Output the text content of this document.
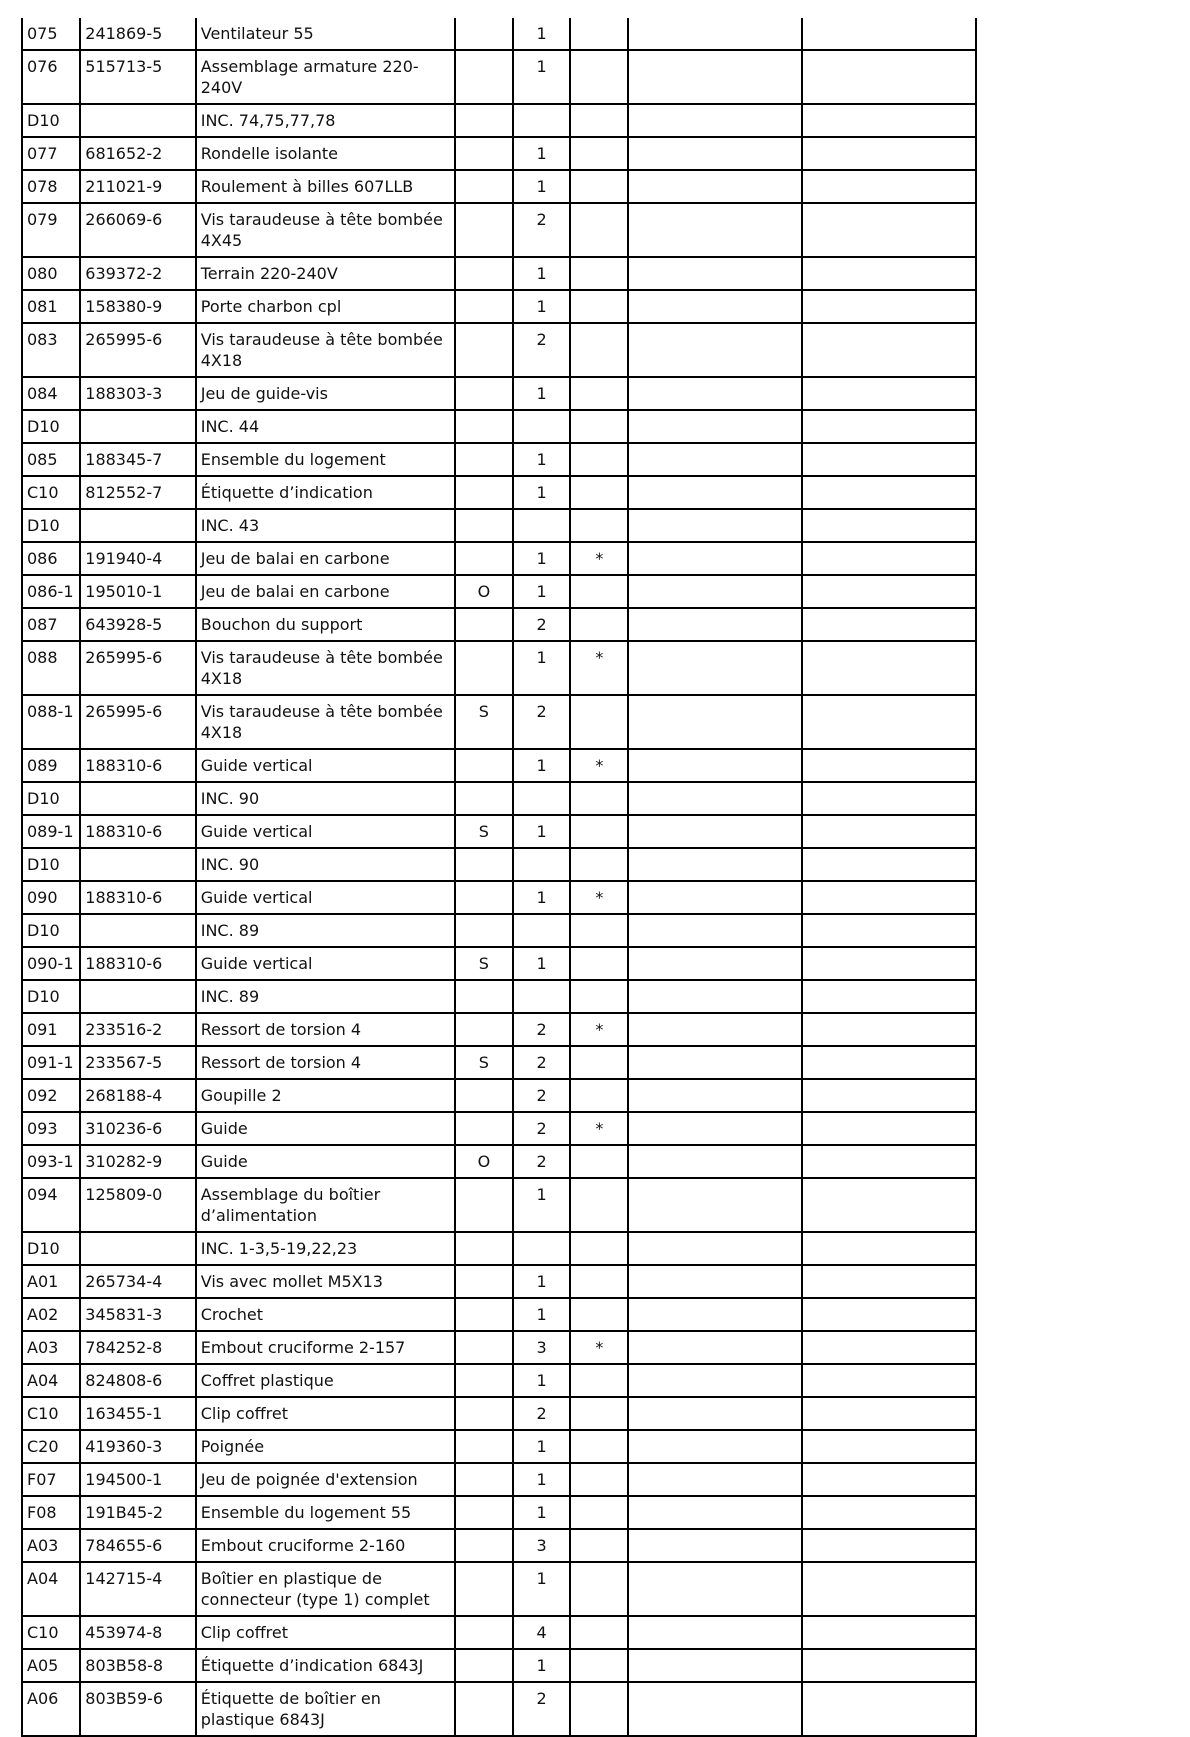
075	241869-5	Ventilateur 55		1			
076	515713-5	Assemblage armature 220-240V		1			
D10		INC. 74,75,77,78					
077	681652-2	Rondelle isolante		1			
078	211021-9	Roulement à billes 607LLB		1			
079	266069-6	Vis taraudeuse à tête bombée 4X45		2			
080	639372-2	Terrain 220-240V		1			
081	158380-9	Porte charbon cpl		1			
083	265995-6	Vis taraudeuse à tête bombée 4X18		2			
084	188303-3	Jeu de guide-vis		1			
D10		INC. 44					
085	188345-7	Ensemble du logement		1			
C10	812552-7	Étiquette d’indication		1			
D10		INC. 43					
086	191940-4	Jeu de balai en carbone		1	*		
086-1	195010-1	Jeu de balai en carbone	O	1			
087	643928-5	Bouchon du support		2			
088	265995-6	Vis taraudeuse à tête bombée 4X18		1	*		
088-1	265995-6	Vis taraudeuse à tête bombée 4X18	S	2			
089	188310-6	Guide vertical		1	*		
D10		INC. 90					
089-1	188310-6	Guide vertical	S	1			
D10		INC. 90					
090	188310-6	Guide vertical		1	*		
D10		INC. 89					
090-1	188310-6	Guide vertical	S	1			
D10		INC. 89					
091	233516-2	Ressort de torsion 4		2	*		
091-1	233567-5	Ressort de torsion 4	S	2			
092	268188-4	Goupille 2		2			
093	310236-6	Guide		2	*		
093-1	310282-9	Guide	O	2			
094	125809-0	Assemblage du boîtier d’alimentation		1			
D10		INC. 1-3,5-19,22,23					
A01	265734-4	Vis avec mollet M5X13		1			
A02	345831-3	Crochet		1			
A03	784252-8	Embout cruciforme 2-157		3	*		
A04	824808-6	Coffret plastique		1			
C10	163455-1	Clip coffret		2			
C20	419360-3	Poignée		1			
F07	194500-1	Jeu de poignée d'extension		1			
F08	191B45-2	Ensemble du logement 55		1			
A03	784655-6	Embout cruciforme 2-160		3			
A04	142715-4	Boîtier en plastique de connecteur (type 1) complet		1			
C10	453974-8	Clip coffret		4			
A05	803B58-8	Étiquette d’indication 6843J		1			
A06	803B59-6	Étiquette de boîtier en plastique 6843J		2			
